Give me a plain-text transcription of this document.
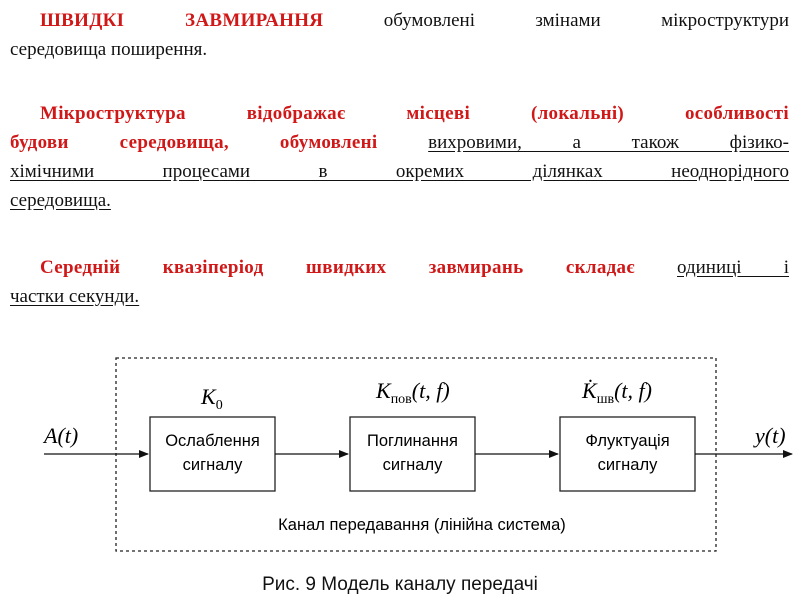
ШВИДКІ ЗАВМИРАННЯ обумовлені змінами мікроструктури
середовища поширення.
Мікроструктура відображає місцеві (локальні) особливості
будови середовища, обумовлені	вихровими, а також фізико-
хімічними процесами в окремих ділянках неоднорідного
середовища.
Середній квазіперіод швидких завмирань складає одиниці і
частки секунди.
A(t)	y(t)
Ослаблення
сигналу
Поглинання
сигналу
Флуктуація
сигналу
$K_0$
$K_{пов}(t$, f)	$K̇_{шв}(t$, f)
Канал передавання (лінійна система)
Рис. 9 Модель каналу передачі
